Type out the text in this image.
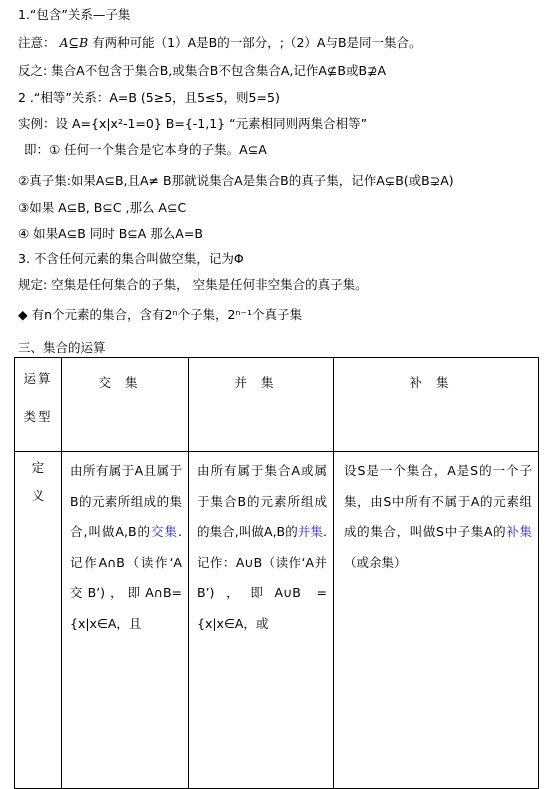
1.“包含”关系—子集
注意： A⊆B 有两种可能（1）A是B的一部分，;（2）A与B是同一集合。
反之: 集合A不包含于集合B,或集合B不包含集合A,记作A⊈B或B⊉A
2 .“相等”关系：A=B (5≥5，且5≤5，则5=5)
实例：设 A={x|x²-1=0} B={-1,1} “元素相同则两集合相等”
即：① 任何一个集合是它本身的子集。A⊆A
②真子集:如果A⊆B,且A≠ B那就说集合A是集合B的真子集，记作A⊊B(或B⊋A)
③如果 A⊆B, B⊆C ,那么 A⊆C
④ 如果A⊆B 同时 B⊆A 那么A=B
3. 不含任何元素的集合叫做空集，记为Φ
规定: 空集是任何集合的子集， 空集是任何非空集合的真子集。
◆ 有n个元素的集合，含有2ⁿ个子集，2ⁿ⁻¹个真子集
三、集合的运算
运算
类型	交集	并集	补集

定
义	由所有属于A且属于B的元素所组成的集合,叫做A,B的交集.记作A∩B（读作‘A交B’)，即A∩B={x|x∈A，且	由所有属于集合A或属于集合B的元素所组成的集合,叫做A,B的并集.记作：A∪B（读作‘A并B’)，即A∪B ={x|x∈A，或	设S是一个集合，A是S的一个子集，由S中所有不属于A的元素组成的集合，叫做S中子集A的补集（或余集）
